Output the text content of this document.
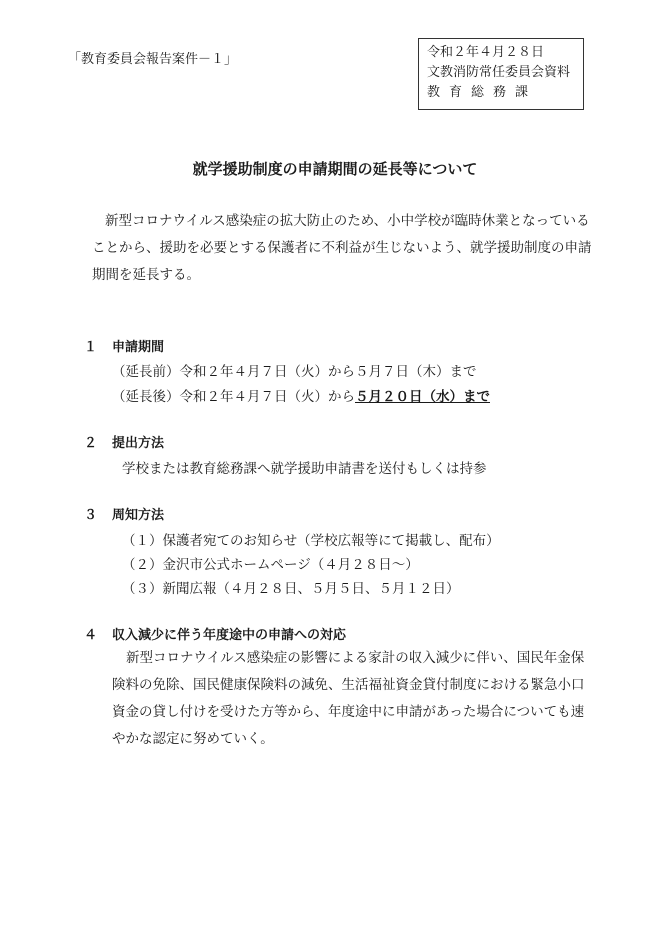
「教育委員会報告案件－１」	令和２年４月２８日
文教消防常任委員会資料
教育総務課
就学援助制度の申請期間の延長等について

新型コロナウイルス感染症の拡大防止のため、小中学校が臨時休業となっていることから、援助を必要とする保護者に不利益が生じないよう、就学援助制度の申請期間を延長する。

１ 申請期間
（延長前）令和２年４月７日（火）から５月７日（木）まで
（延長後）令和２年４月７日（火）から５月２０日（水）まで
２ 提出方法
学校または教育総務課へ就学援助申請書を送付もしくは持参
３ 周知方法
（１）保護者宛てのお知らせ（学校広報等にて掲載し、配布）
（２）金沢市公式ホームページ（４月２８日～）
（３）新聞広報（４月２８日、５月５日、５月１２日）
４ 収入減少に伴う年度途中の申請への対応

新型コロナウイルス感染症の影響による家計の収入減少に伴い、国民年金保険料の免除、国民健康保険料の減免、生活福祉資金貸付制度における緊急小口資金の貸し付けを受けた方等から、年度途中に申請があった場合についても速やかな認定に努めていく。
